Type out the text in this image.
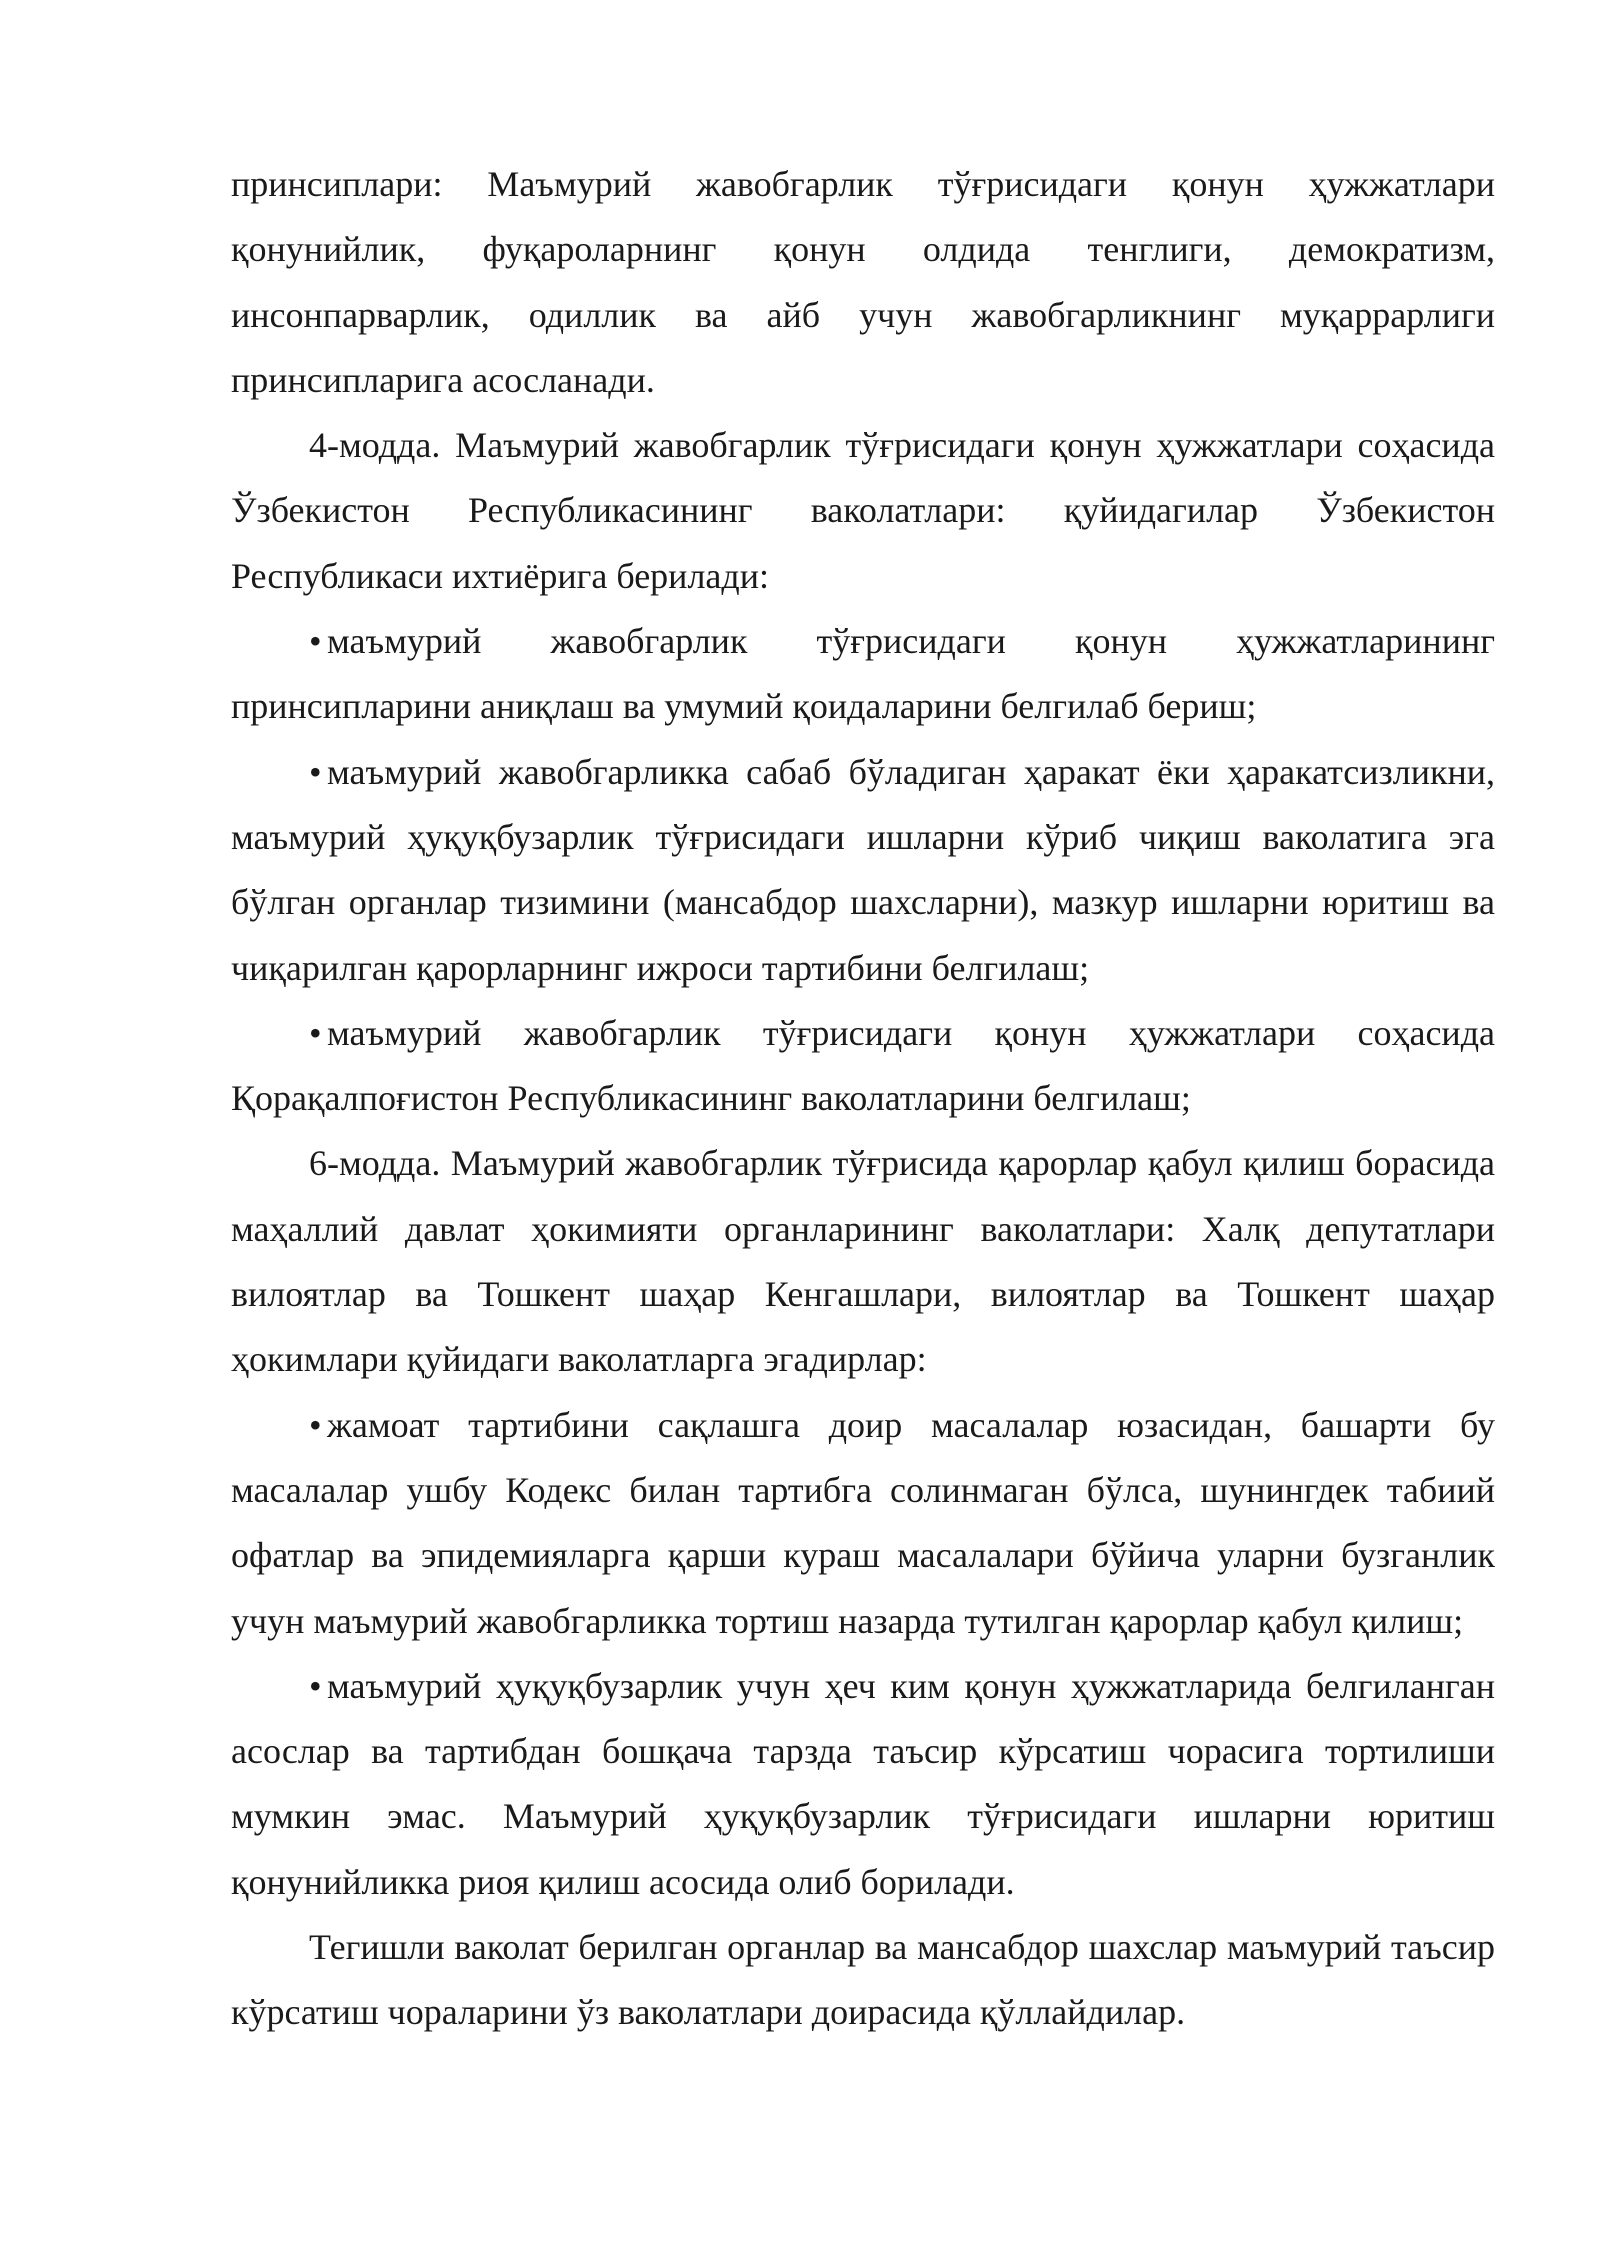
принсиплари: Маъмурий жавобгарлик тўғрисидаги қонун ҳужжатлари қонунийлик, фуқароларнинг қонун олдида тенглиги, демократизм, инсонпарварлик, одиллик ва айб учун жавобгарликнинг муқаррарлиги принсипларига асосланади.

4-модда. Маъмурий жавобгарлик тўғрисидаги қонун ҳужжатлари соҳасида Ўзбекистон Республикасининг ваколатлари: қуйидагилар Ўзбекистон Республикаси ихтиёрига берилади:

• маъмурий жавобгарлик тўғрисидаги қонун ҳужжатларининг принсипларини аниқлаш ва умумий қоидаларини белгилаб бериш;

• маъмурий жавобгарликка сабаб бўладиган ҳаракат ёки ҳаракатсизликни, маъмурий ҳуқуқбузарлик тўғрисидаги ишларни кўриб чиқиш ваколатига эга бўлган органлар тизимини (мансабдор шахсларни), мазкур ишларни юритиш ва чиқарилган қарорларнинг ижроси тартибини белгилаш;

• маъмурий жавобгарлик тўғрисидаги қонун ҳужжатлари соҳасида Қорақалпоғистон Республикасининг ваколатларини белгилаш;

6-модда. Маъмурий жавобгарлик тўғрисида қарорлар қабул қилиш борасида маҳаллий давлат ҳокимияти органларининг ваколатлари: Халқ депутатлари вилоятлар ва Тошкент шаҳар Кенгашлари, вилоятлар ва Тошкент шаҳар ҳокимлари қуйидаги ваколатларга эгадирлар:

• жамоат тартибини сақлашга доир масалалар юзасидан, башарти бу масалалар ушбу Кодекс билан тартибга солинмаган бўлса, шунингдек табиий офатлар ва эпидемияларга қарши кураш масалалари бўйича уларни бузганлик учун маъмурий жавобгарликка тортиш назарда тутилган қарорлар қабул қилиш;

• маъмурий ҳуқуқбузарлик учун ҳеч ким қонун ҳужжатларида белгиланган асослар ва тартибдан бошқача тарзда таъсир кўрсатиш чорасига тортилиши мумкин эмас. Маъмурий ҳуқуқбузарлик тўғрисидаги ишларни юритиш қонунийликка риоя қилиш асосида олиб борилади.

Тегишли ваколат берилган органлар ва мансабдор шахслар маъмурий таъсир кўрсатиш чораларини ўз ваколатлари доирасида қўллайдилар.
